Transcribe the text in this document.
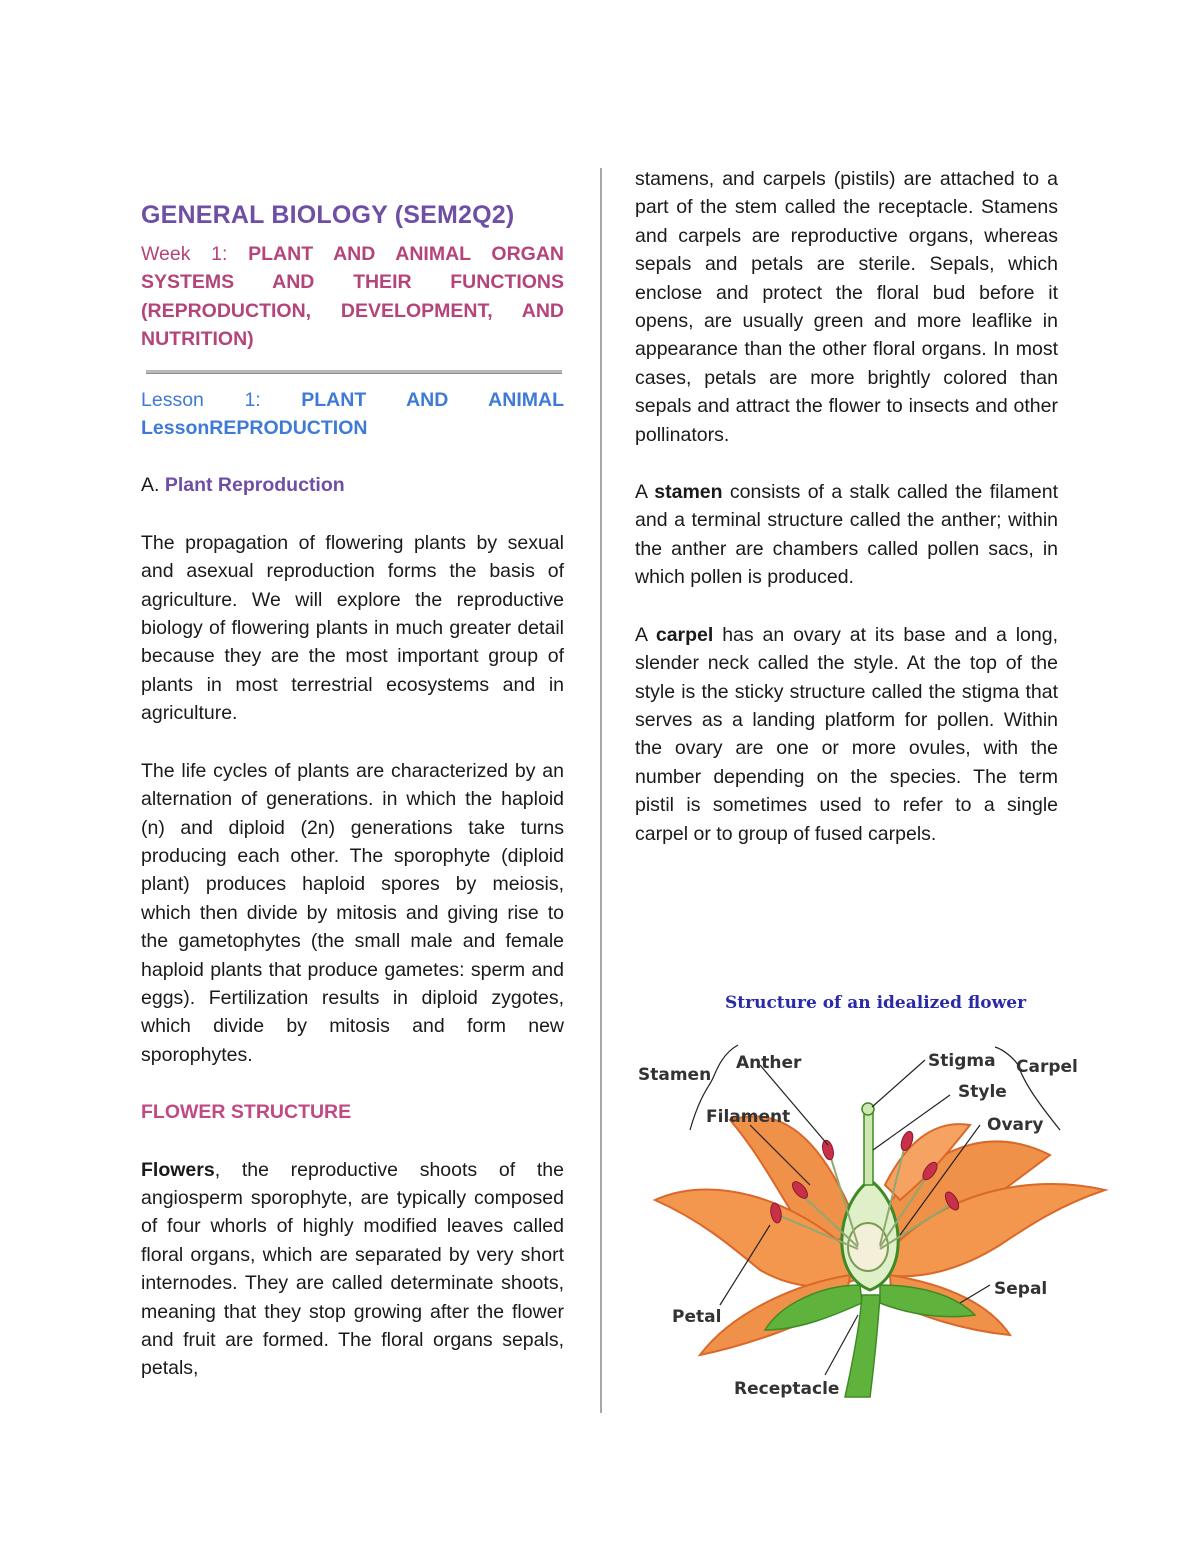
GENERAL BIOLOGY (SEM2Q2)

Week 1: PLANT AND ANIMAL ORGAN SYSTEMS AND THEIR FUNCTIONS (REPRODUCTION, DEVELOPMENT, AND NUTRITION)

Lesson 1: PLANT AND ANIMAL LessonREPRODUCTION

A. Plant Reproduction

The propagation of flowering plants by sexual and asexual reproduction forms the basis of agriculture. We will explore the reproductive biology of flowering plants in much greater detail because they are the most important group of plants in most terrestrial ecosystems and in agriculture.

The life cycles of plants are characterized by an alternation of generations. in which the haploid (n) and diploid (2n) generations take turns producing each other. The sporophyte (diploid plant) produces haploid spores by meiosis, which then divide by mitosis and giving rise to the gametophytes (the small male and female haploid plants that produce gametes: sperm and eggs). Fertilization results in diploid zygotes, which divide by mitosis and form new sporophytes.

FLOWER STRUCTURE

Flowers, the reproductive shoots of the angiosperm sporophyte, are typically composed of four whorls of highly modified leaves called floral organs, which are separated by very short internodes. They are called determinate shoots, meaning that they stop growing after the flower and fruit are formed. The floral organs sepals, petals,

stamens, and carpels (pistils) are attached to a part of the stem called the receptacle. Stamens and carpels are reproductive organs, whereas sepals and petals are sterile. Sepals, which enclose and protect the floral bud before it opens, are usually green and more leaflike in appearance than the other floral organs. In most cases, petals are more brightly colored than sepals and attract the flower to insects and other pollinators.

A stamen consists of a stalk called the filament and a terminal structure called the anther; within the anther are chambers called pollen sacs, in which pollen is produced.

A carpel has an ovary at its base and a long, slender neck called the style. At the top of the style is the sticky structure called the stigma that serves as a landing platform for pollen. Within the ovary are one or more ovules, with the number depending on the species. The term pistil is sometimes used to refer to a single carpel or to group of fused carpels.

Structure of an idealized flower
Stamen
Anther
Filament
Stigma
Style
Ovary
Carpel
Petal
Sepal
Receptacle
